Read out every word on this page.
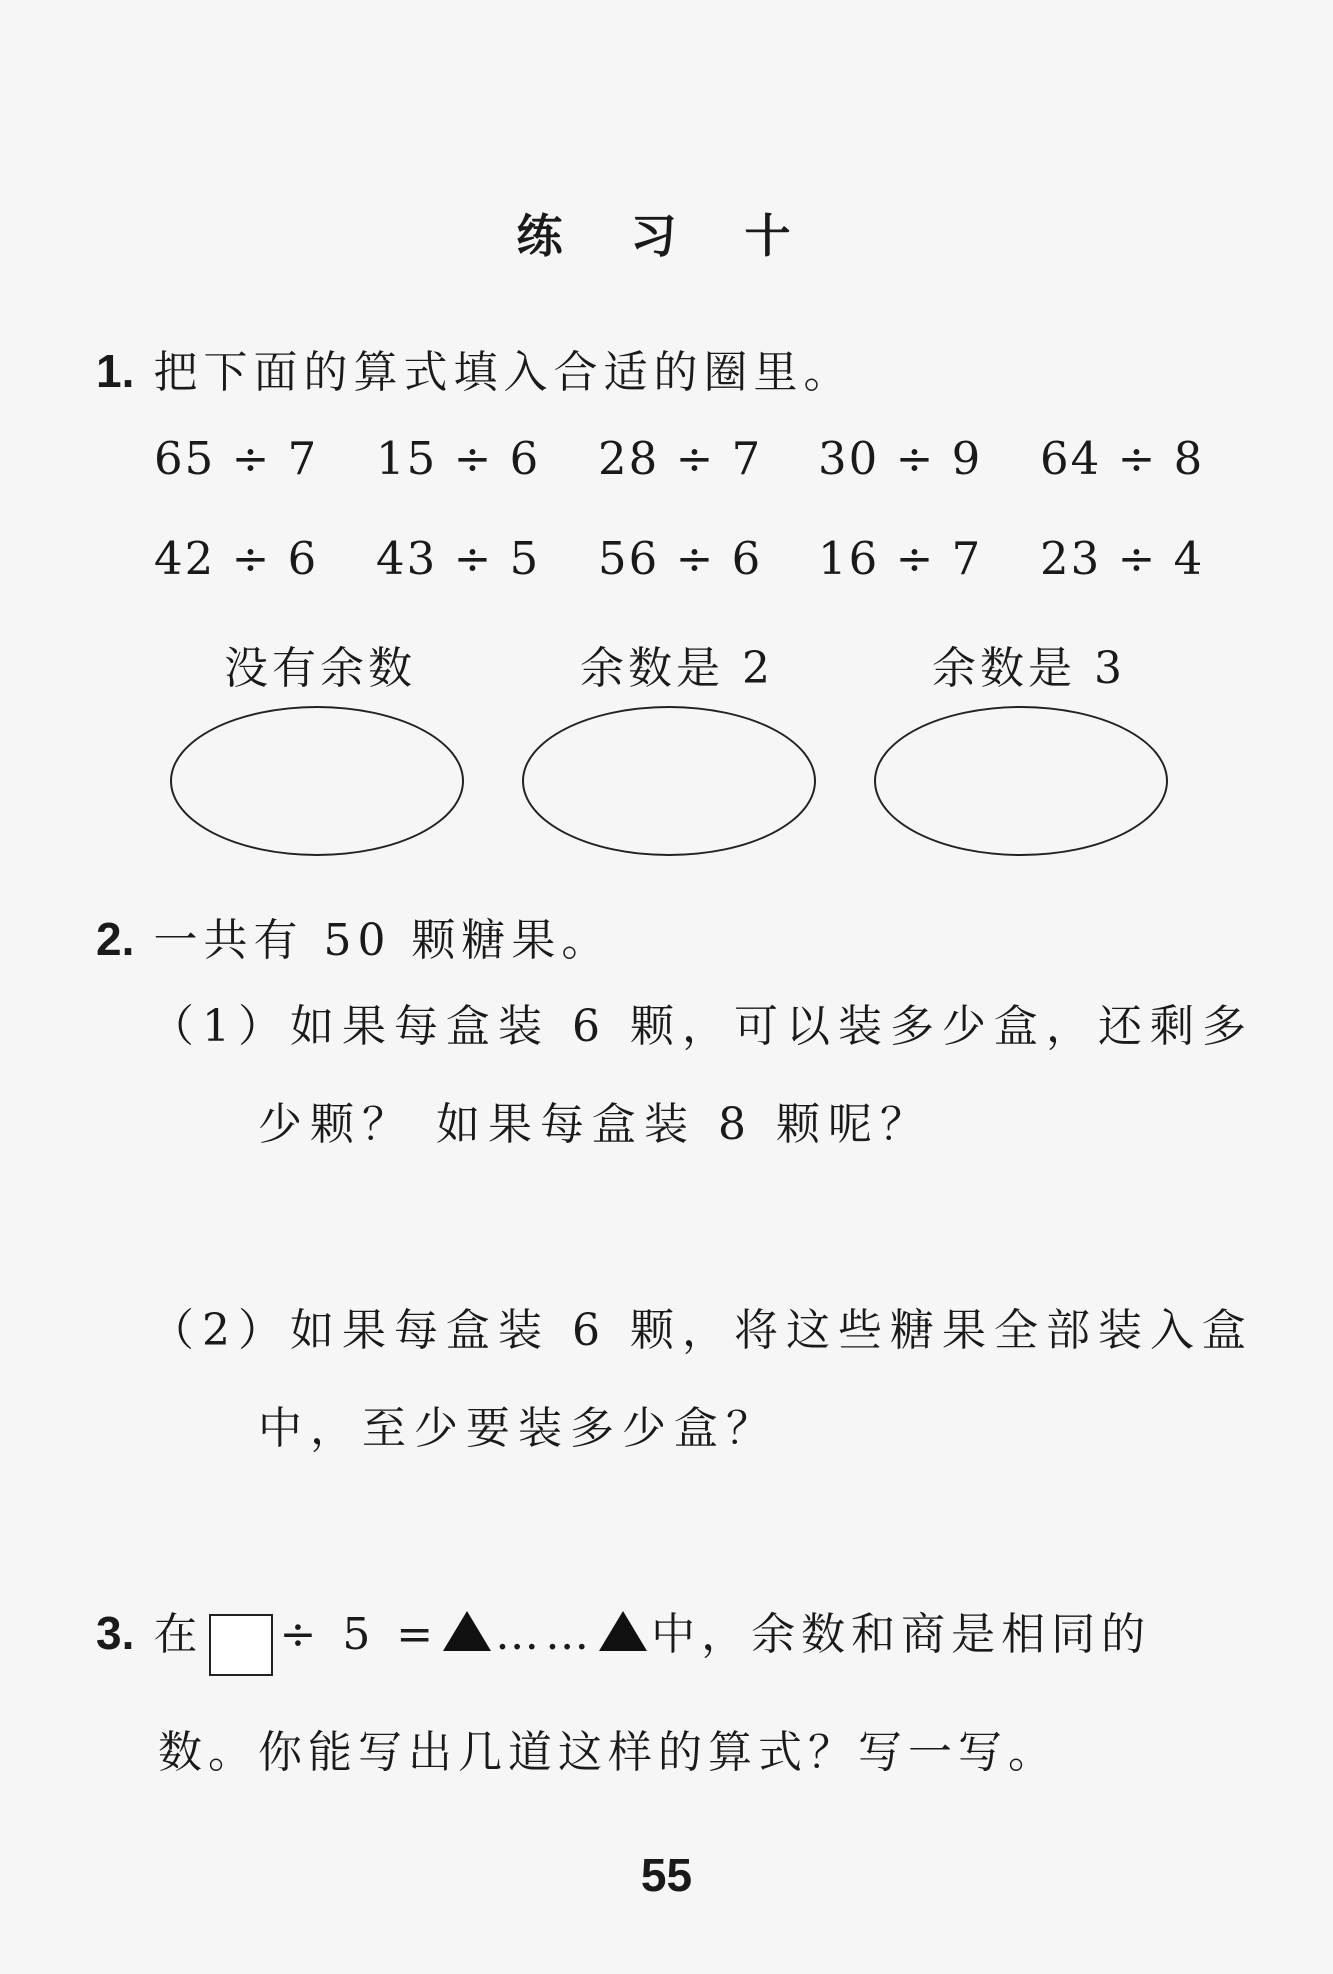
练 习 十
1. 把下面的算式填入合适的圈里。
65 ÷ 7 15 ÷ 6 28 ÷ 7 30 ÷ 9 64 ÷ 8
42 ÷ 6 43 ÷ 5 56 ÷ 6 16 ÷ 7 23 ÷ 4
没有余数	余数是 2	余数是 3
2. 一共有 50 颗糖果。
（1）如果每盒装 6 颗，可以装多少盒，还剩多
少颗？ 如果每盒装 8 颗呢？
（2）如果每盒装 6 颗，将这些糖果全部装入盒
中，至少要装多少盒？
3. 在 ÷ 5 = …… 中，余数和商是相同的
数。你能写出几道这样的算式？写一写。
55
